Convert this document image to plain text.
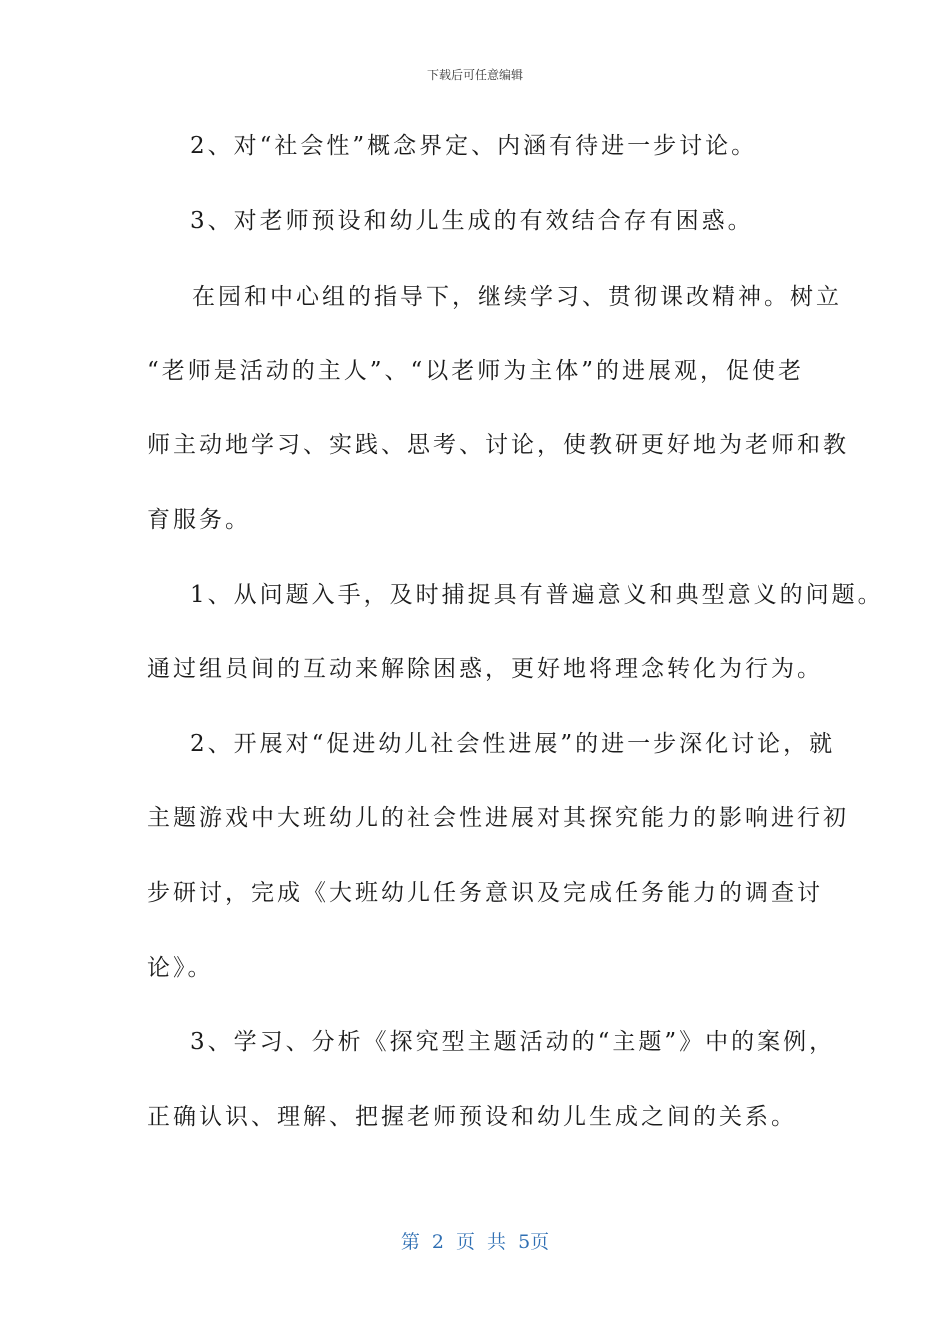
下载后可任意编辑
2、对“社会性”概念界定、内涵有待进一步讨论。
3、对老师预设和幼儿生成的有效结合存有困惑。
在园和中心组的指导下，继续学习、贯彻课改精神。树立
“老师是活动的主人”、“以老师为主体”的进展观，促使老
师主动地学习、实践、思考、讨论，使教研更好地为老师和教
育服务。
1、从问题入手，及时捕捉具有普遍意义和典型意义的问题。
通过组员间的互动来解除困惑，更好地将理念转化为行为。
2、开展对“促进幼儿社会性进展”的进一步深化讨论，就
主题游戏中大班幼儿的社会性进展对其探究能力的影响进行初
步研讨，完成《大班幼儿任务意识及完成任务能力的调查讨
论》。
3、学习、分析《探究型主题活动的“主题”》中的案例，
正确认识、理解、把握老师预设和幼儿生成之间的关系。
第 2 页 共 5页
